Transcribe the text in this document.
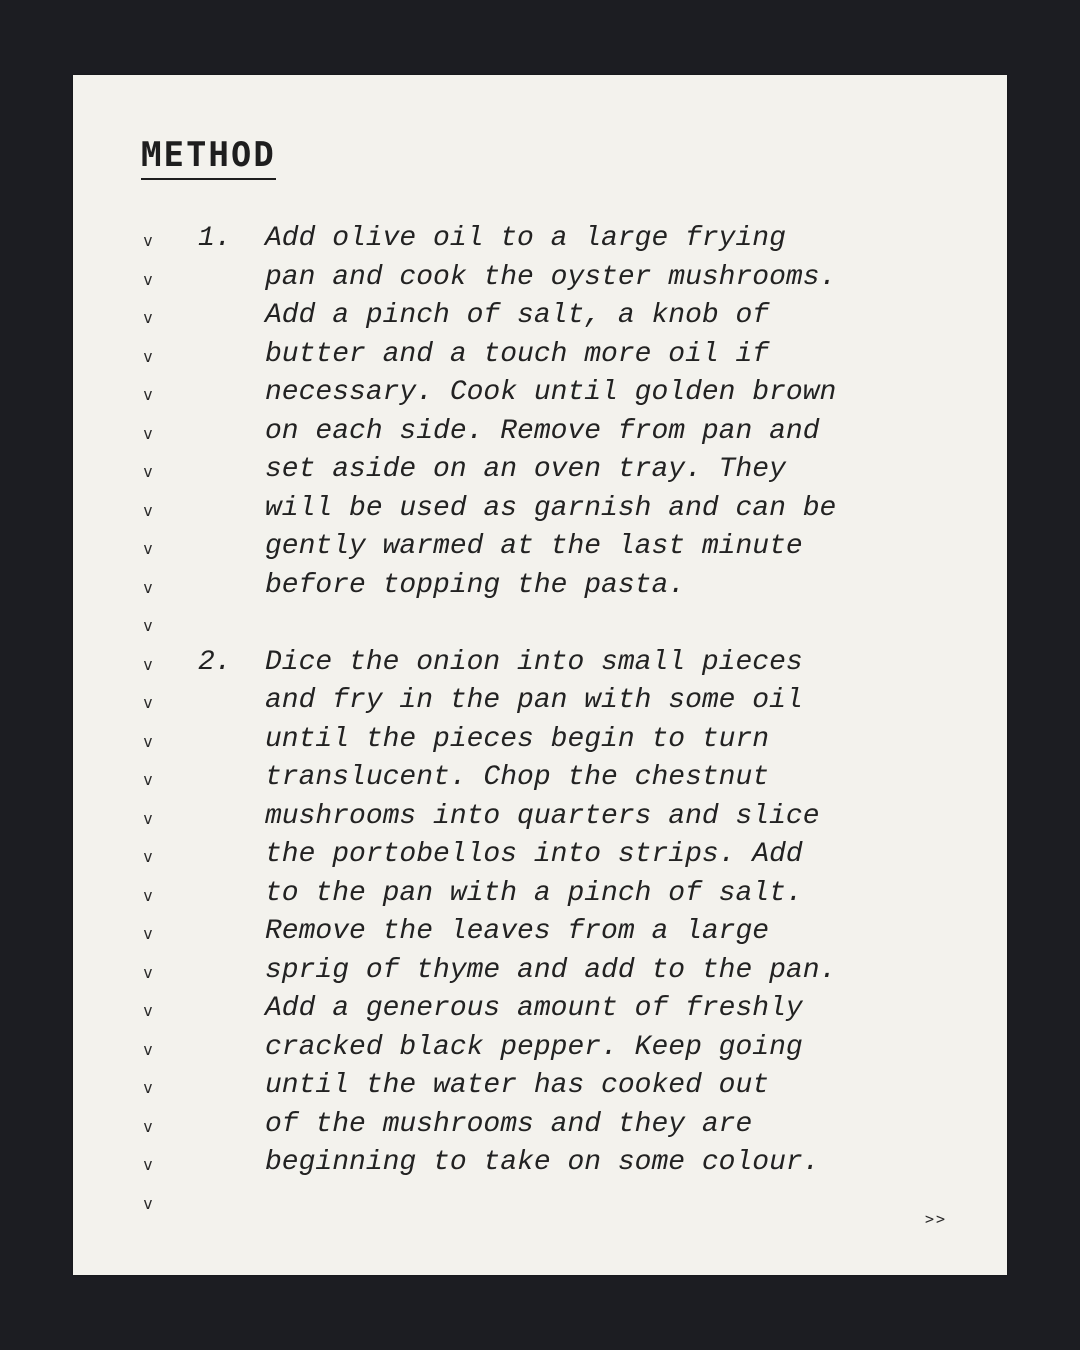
METHOD
v
v
v
v
v
v
v
v
v
v
v
v
v
v
v
v
v
v
v
v
v
v
v
v
v
v
1.	Add olive oil to a large frying
pan and cook the oyster mushrooms.
Add a pinch of salt, a knob of
butter and a touch more oil if
necessary. Cook until golden brown
on each side. Remove from pan and
set aside on an oven tray. They
will be used as garnish and can be
gently warmed at the last minute
before topping the pasta.
2.	Dice the onion into small pieces
and fry in the pan with some oil
until the pieces begin to turn
translucent. Chop the chestnut
mushrooms into quarters and slice
the portobellos into strips. Add
to the pan with a pinch of salt.
Remove the leaves from a large
sprig of thyme and add to the pan.
Add a generous amount of freshly
cracked black pepper. Keep going
until the water has cooked out
of the mushrooms and they are
beginning to take on some colour.
>>
